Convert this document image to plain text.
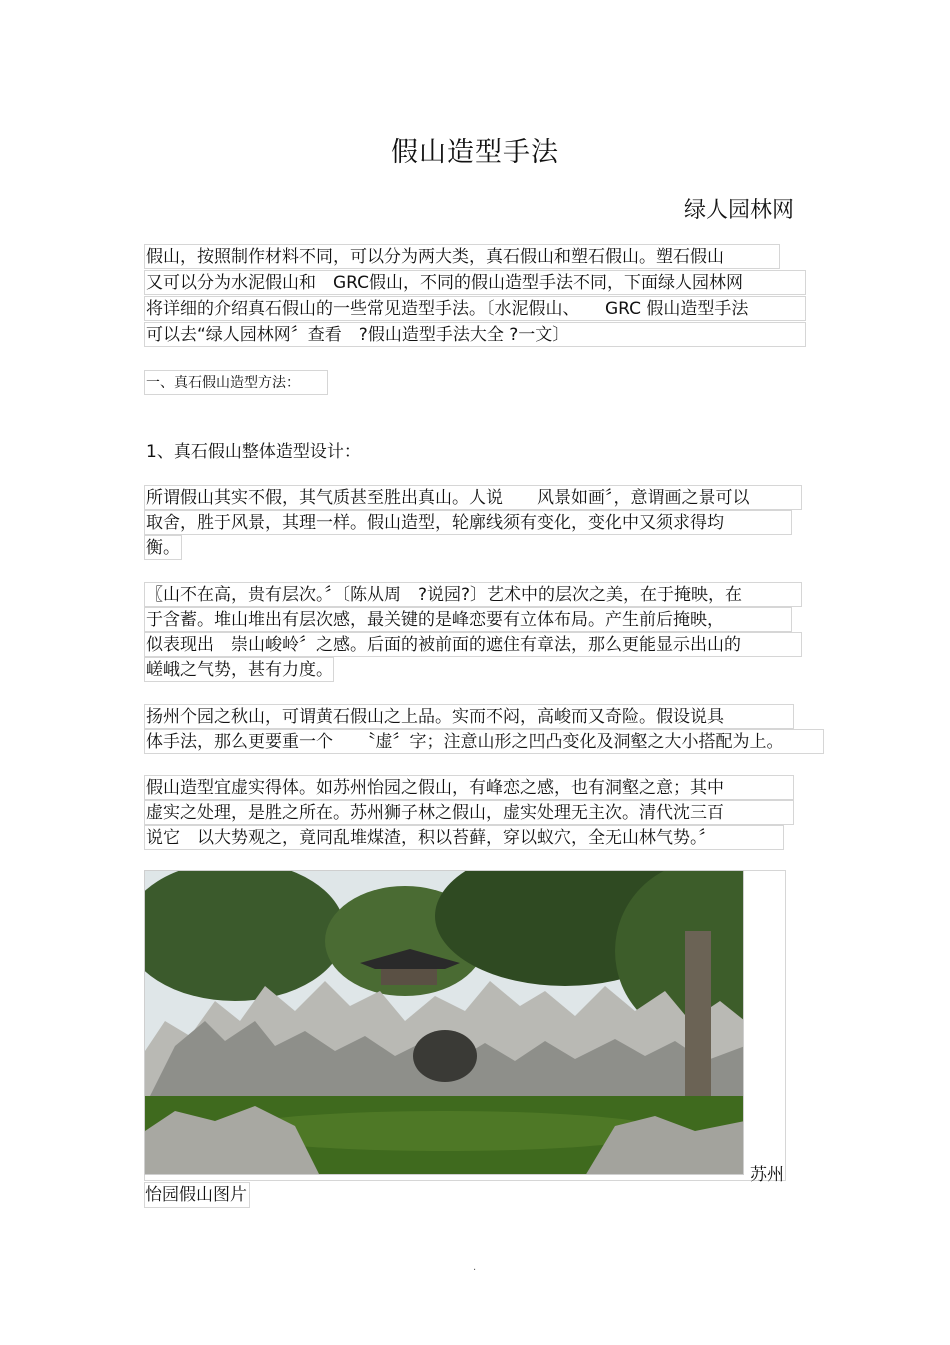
假山造型手法
绿人园林网
假山，按照制作材料不同，可以分为两大类，真石假山和塑石假山。塑石假山
又可以分为水泥假山和　GRC假山，不同的假山造型手法不同，下面绿人园林网
将详细的介绍真石假山的一些常见造型手法。〔水泥假山、　　GRC 假山造型手法
可以去“绿人园林网〞查看　?假山造型手法大全 ?一文〕
一、真石假山造型方法：
1、真石假山整体造型设计：
所谓假山其实不假，其气质甚至胜出真山。人说　　风景如画〞，意谓画之景可以
取舍，胜于风景，其理一样。假山造型，轮廓线须有变化，变化中又须求得均
衡。
〖山不在高，贵有层次。〞〔陈从周　?说园?〕艺术中的层次之美，在于掩映，在
于含蓄。堆山堆出有层次感，最关键的是峰恋要有立体布局。产生前后掩映，
似表现出　崇山峻岭〞之感。后面的被前面的遮住有章法，那么更能显示出山的
嵯峨之气势，甚有力度。
扬州个园之秋山，可谓黄石假山之上品。实而不闷，高峻而又奇险。假设说具
体手法，那么更要重一个　　〝虚〞字；注意山形之凹凸变化及洞壑之大小搭配为上。
假山造型宜虚实得体。如苏州怡园之假山，有峰恋之感，也有洞壑之意；其中
虚实之处理，是胜之所在。苏州狮子林之假山，虚实处理无主次。清代沈三百
说它　以大势观之，竟同乱堆煤渣，积以苔藓，穿以蚁穴，全无山林气势。〞
苏州
怡园假山图片
.
